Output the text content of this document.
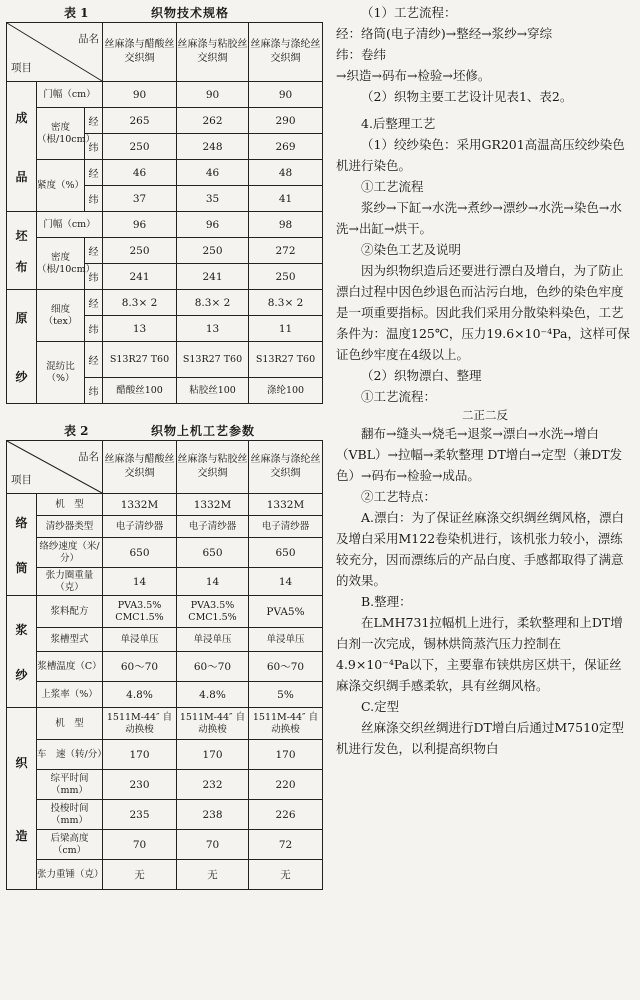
表 1	织物技术规格
品名
项目			丝麻涤与醋酸丝交织绸	丝麻涤与粘胶丝交织绸	丝麻涤与涤纶丝交织绸
成

品	门幅（cm）		90	90	90
	密度（根/10cm）	经	265	262	290
		纬	250	248	269
	紧度（%）	经	46	46	48
		纬	37	35	41
坯

布	门幅（cm）		96	96	98
	密度（根/10cm）	经	250	250	272
		纬	241	241	250
原

纱	细度（tex）	经	8.3× 2	8.3× 2	8.3× 2
		纬	13	13	11
	混纺比（%）	经	S13R27 T60	S13R27 T60	S13R27 T60
		纬	醋酸丝100	粘胶丝100	涤纶100
表 2	织物上机工艺参数
品名
项目		丝麻涤与醋酸丝交织绸	丝麻涤与粘胶丝交织绸	丝麻涤与涤纶丝交织绸
络

筒	机　型	1332M	1332M	1332M
	清纱器类型	电子清纱器	电子清纱器	电子清纱器
	络纱速度（米/分）	650	650	650
	张力圈重量（克）	14	14	14
浆

纱	浆料配方	PVA3.5% CMC1.5%	PVA3.5% CMC1.5%	PVA5%
	浆槽型式	单浸单压	单浸单压	单浸单压
	浆槽温度（C）	60～70	60～70	60～70
	上浆率（%）	4.8%	4.8%	5%
织

造	机　型	1511M-44″ 自动换梭	1511M-44″ 自动换梭	1511M-44″ 自动换梭
	车　速（转/分）	170	170	170
	综平时间（mm）	230	232	220
	投梭时间（mm）	235	238	226
	后梁高度（cm）	70	70	72
	张力重锤（克）	无	无	无

（1）工艺流程：

经：络筒(电子清纱)→整经→浆纱→穿综

纬：卷纬

→织造→码布→检验→坯修。

（2）织物主要工艺设计见表1、表2。

4.后整理工艺

（1）绞纱染色：采用GR201高温高压绞纱染色机进行染色。

①工艺流程

浆纱→下缸→水洗→煮纱→漂纱→水洗→染色→水洗→出缸→烘干。

②染色工艺及说明

因为织物织造后还要进行漂白及增白，为了防止漂白过程中因色纱退色而沾污白地，色纱的染色牢度是一项重要指标。因此我们采用分散染料染色，工艺条件为：温度125℃，压力19.6×10⁻⁴Pa，这样可保证色纱牢度在4级以上。

（2）织物漂白、整理

①工艺流程：

二正二反

翻布→缝头→烧毛→退浆→漂白→水洗→增白（VBL）→拉幅→柔软整理 DT增白→定型（兼DT发色）→码布→检验→成品。

②工艺特点：

A.漂白：为了保证丝麻涤交织绸丝绸风格，漂白及增白采用M122卷染机进行，该机张力较小，漂练较充分，因而漂练后的产品白度、手感都取得了满意的效果。

B.整理：

在LMH731拉幅机上进行，柔软整理和上DT增白剂一次完成，锡林烘筒蒸汽压力控制在4.9×10⁻⁴Pa以下，主要靠布铗烘房区烘干，保证丝麻涤交织绸手感柔软，具有丝绸风格。

C.定型

丝麻涤交织丝绸进行DT增白后通过M7510定型机进行发色，以利提高织物白
